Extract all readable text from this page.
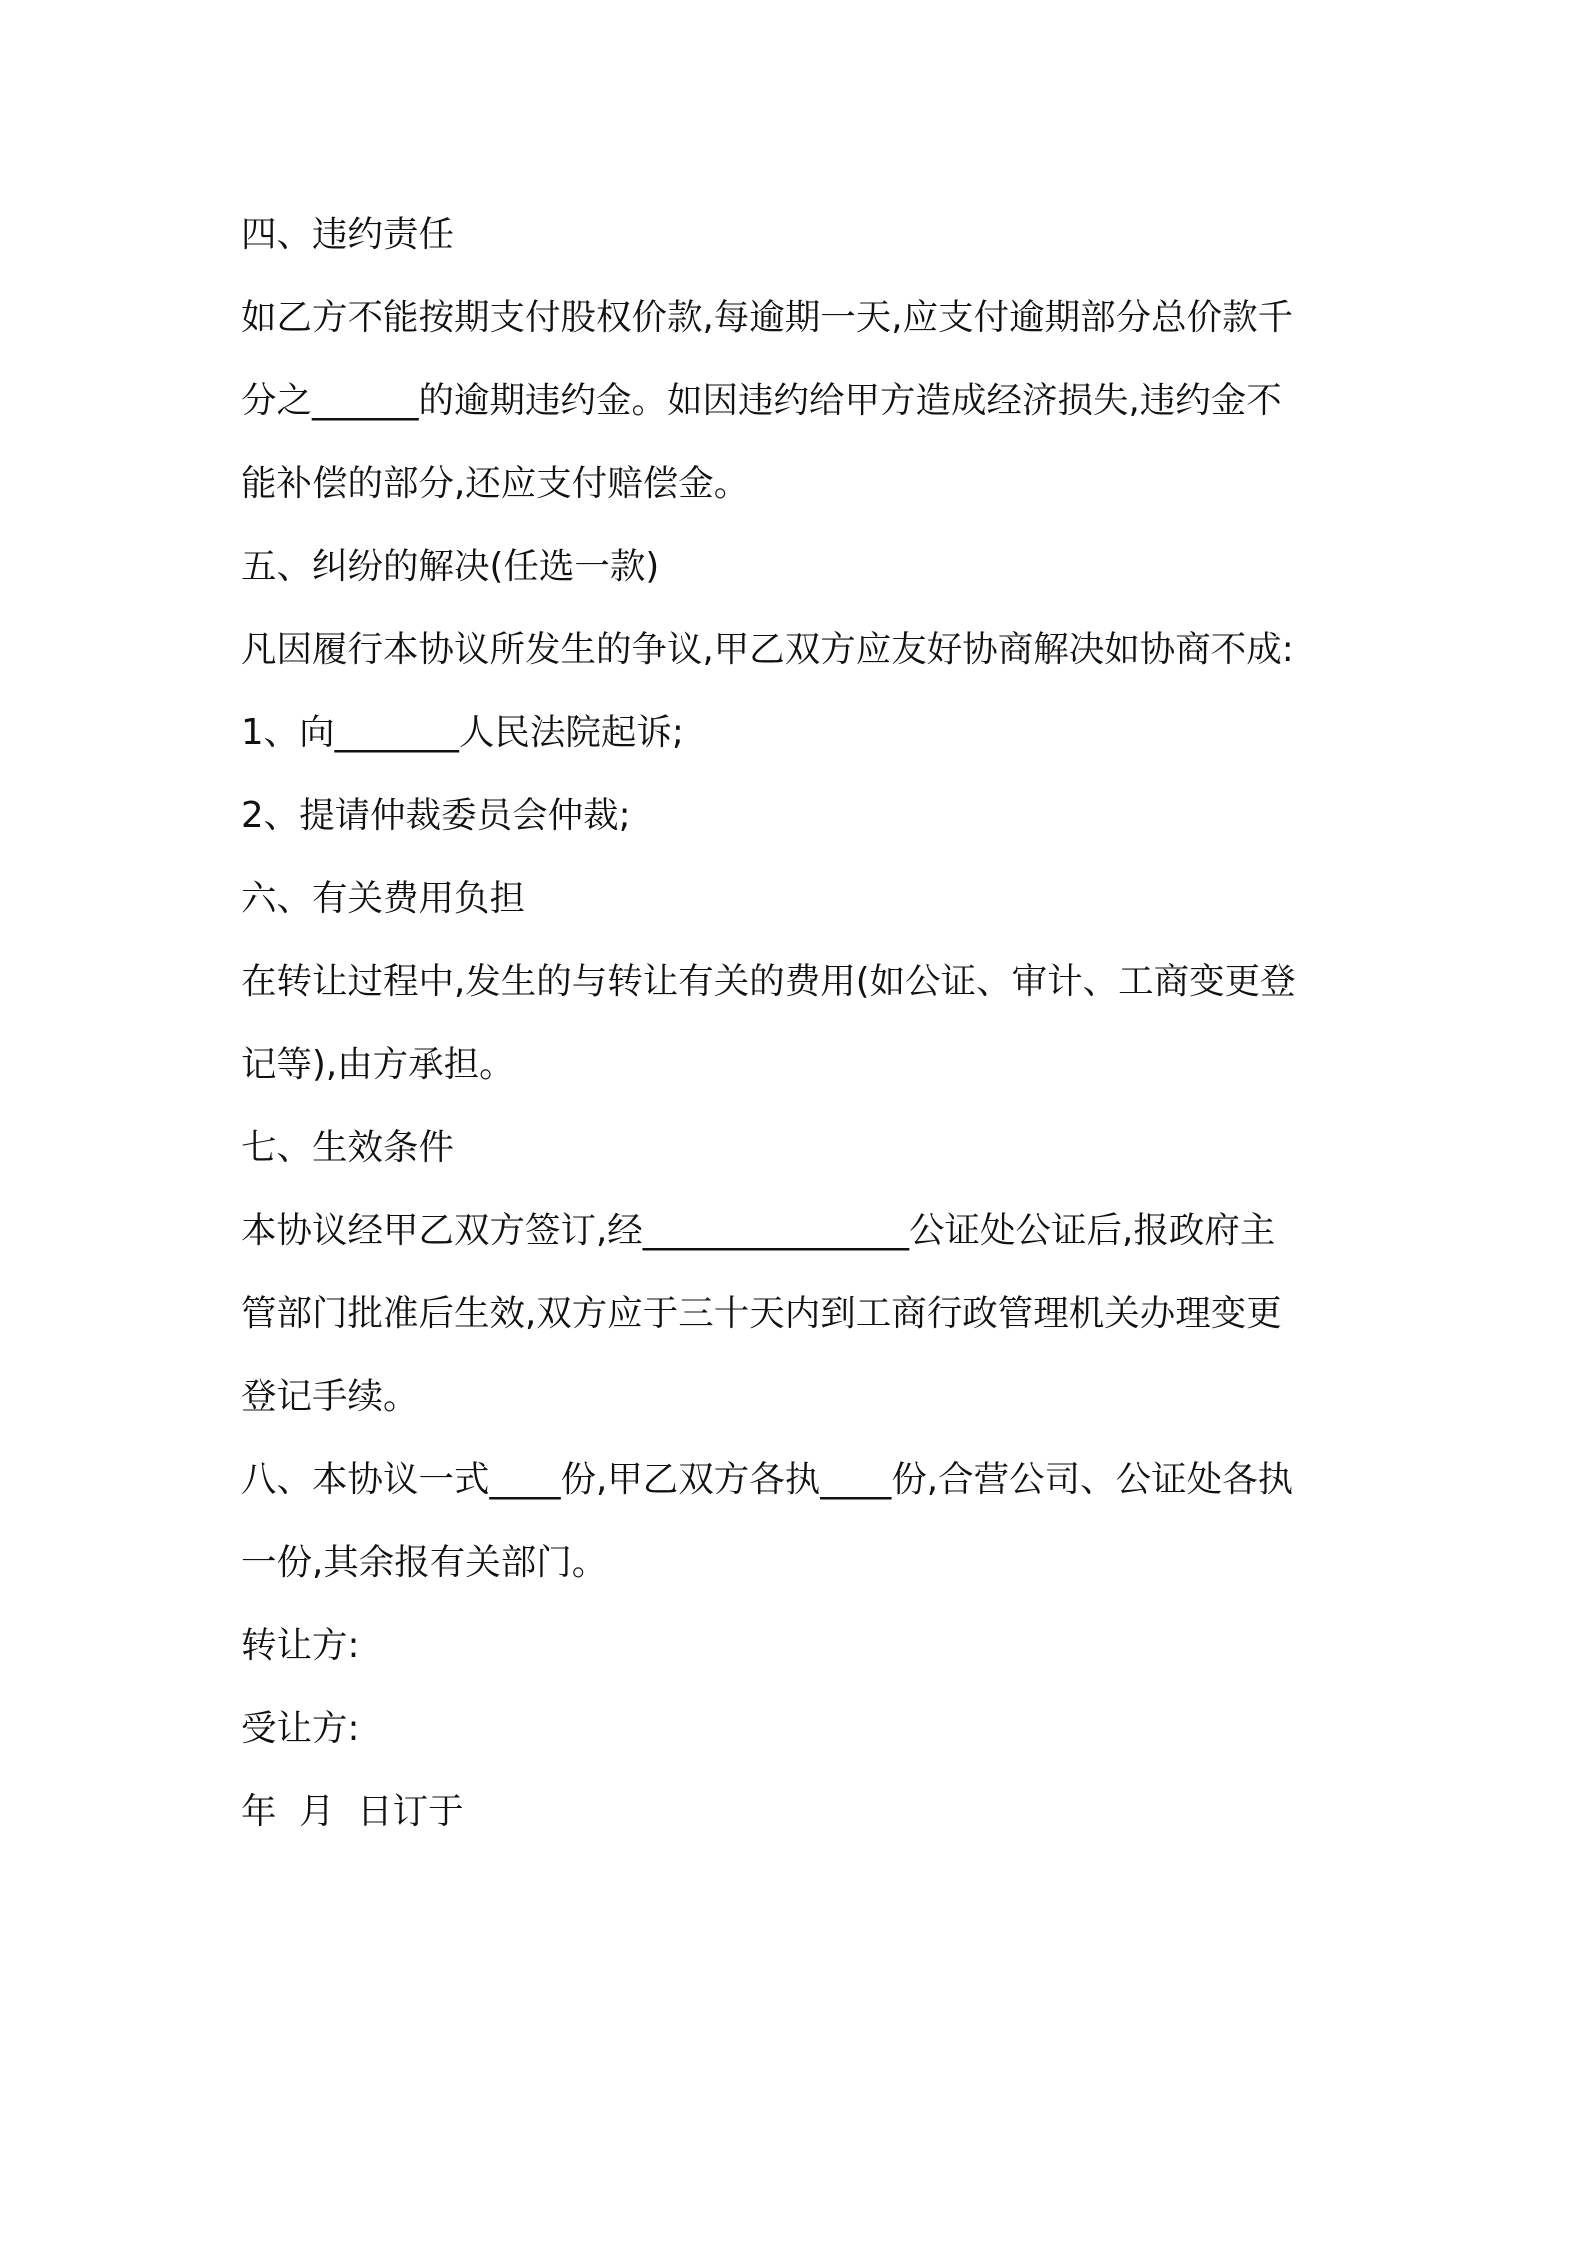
四、违约责任
如乙方不能按期支付股权价款,每逾期一天,应支付逾期部分总价款千
分之______的逾期违约金。如因违约给甲方造成经济损失,违约金不
能补偿的部分,还应支付赔偿金。
五、纠纷的解决(任选一款)
凡因履行本协议所发生的争议,甲乙双方应友好协商解决如协商不成:
1、向_______人民法院起诉;
2、提请仲裁委员会仲裁;
六、有关费用负担
在转让过程中,发生的与转让有关的费用(如公证、审计、工商变更登
记等),由方承担。
七、生效条件
本协议经甲乙双方签订,经_______________公证处公证后,报政府主
管部门批准后生效,双方应于三十天内到工商行政管理机关办理变更
登记手续。
八、本协议一式____份,甲乙双方各执____份,合营公司、公证处各执
一份,其余报有关部门。
转让方:
受让方:
年  月  日订于
